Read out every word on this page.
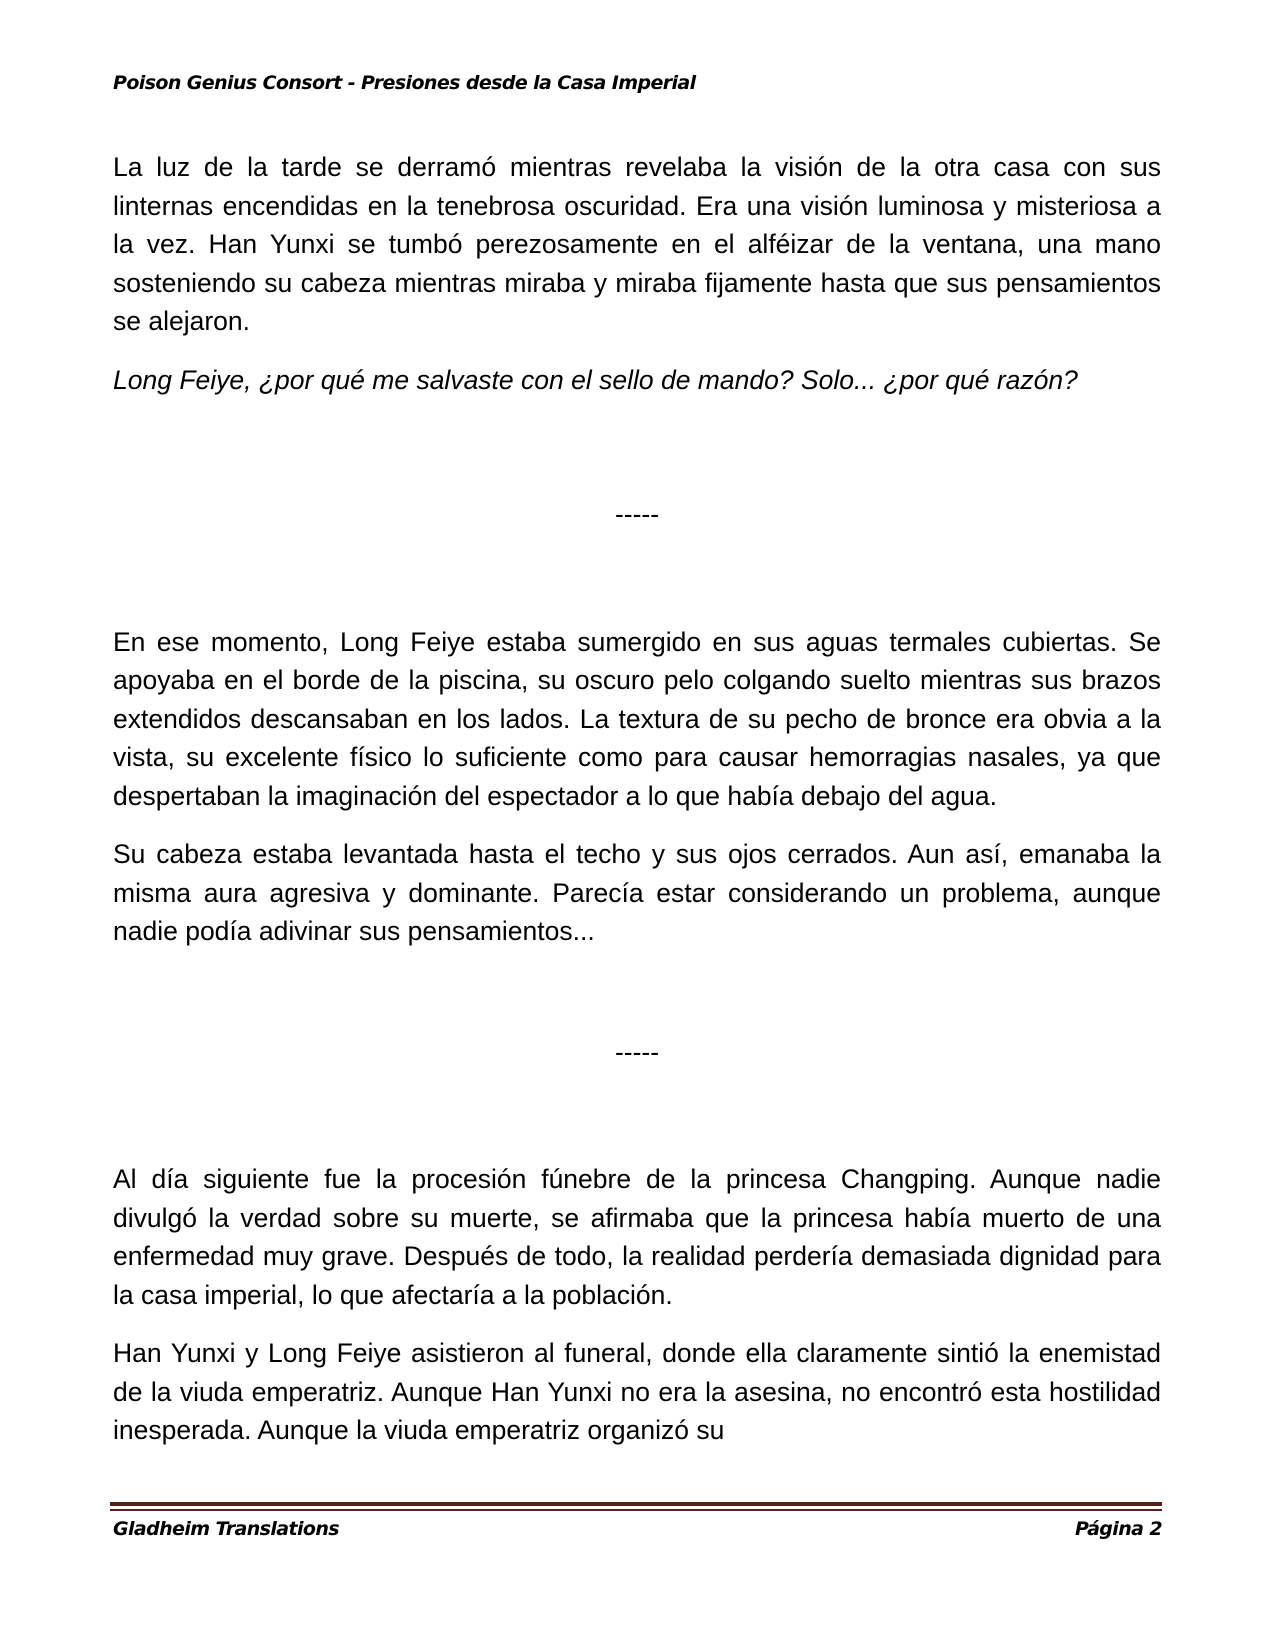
Poison Genius Consort - Presiones desde la Casa Imperial

La luz de la tarde se derramó mientras revelaba la visión de la otra casa con sus linternas encendidas en la tenebrosa oscuridad. Era una visión luminosa y misteriosa a la vez. Han Yunxi se tumbó perezosamente en el alféizar de la ventana, una mano sosteniendo su cabeza mientras miraba y miraba fijamente hasta que sus pensamientos se alejaron.

Long Feiye, ¿por qué me salvaste con el sello de mando? Solo... ¿por qué razón?

-----

En ese momento, Long Feiye estaba sumergido en sus aguas termales cubiertas. Se apoyaba en el borde de la piscina, su oscuro pelo colgando suelto mientras sus brazos extendidos descansaban en los lados. La textura de su pecho de bronce era obvia a la vista, su excelente físico lo suficiente como para causar hemorragias nasales, ya que despertaban la imaginación del espectador a lo que había debajo del agua.

Su cabeza estaba levantada hasta el techo y sus ojos cerrados. Aun así, emanaba la misma aura agresiva y dominante. Parecía estar considerando un problema, aunque nadie podía adivinar sus pensamientos...

-----

Al día siguiente fue la procesión fúnebre de la princesa Changping. Aunque nadie divulgó la verdad sobre su muerte, se afirmaba que la princesa había muerto de una enfermedad muy grave. Después de todo, la realidad perdería demasiada dignidad para la casa imperial, lo que afectaría a la población.

Han Yunxi y Long Feiye asistieron al funeral, donde ella claramente sintió la enemistad de la viuda emperatriz. Aunque Han Yunxi no era la asesina, no encontró esta hostilidad inesperada. Aunque la viuda emperatriz organizó su

Gladheim Translations	Página 2
